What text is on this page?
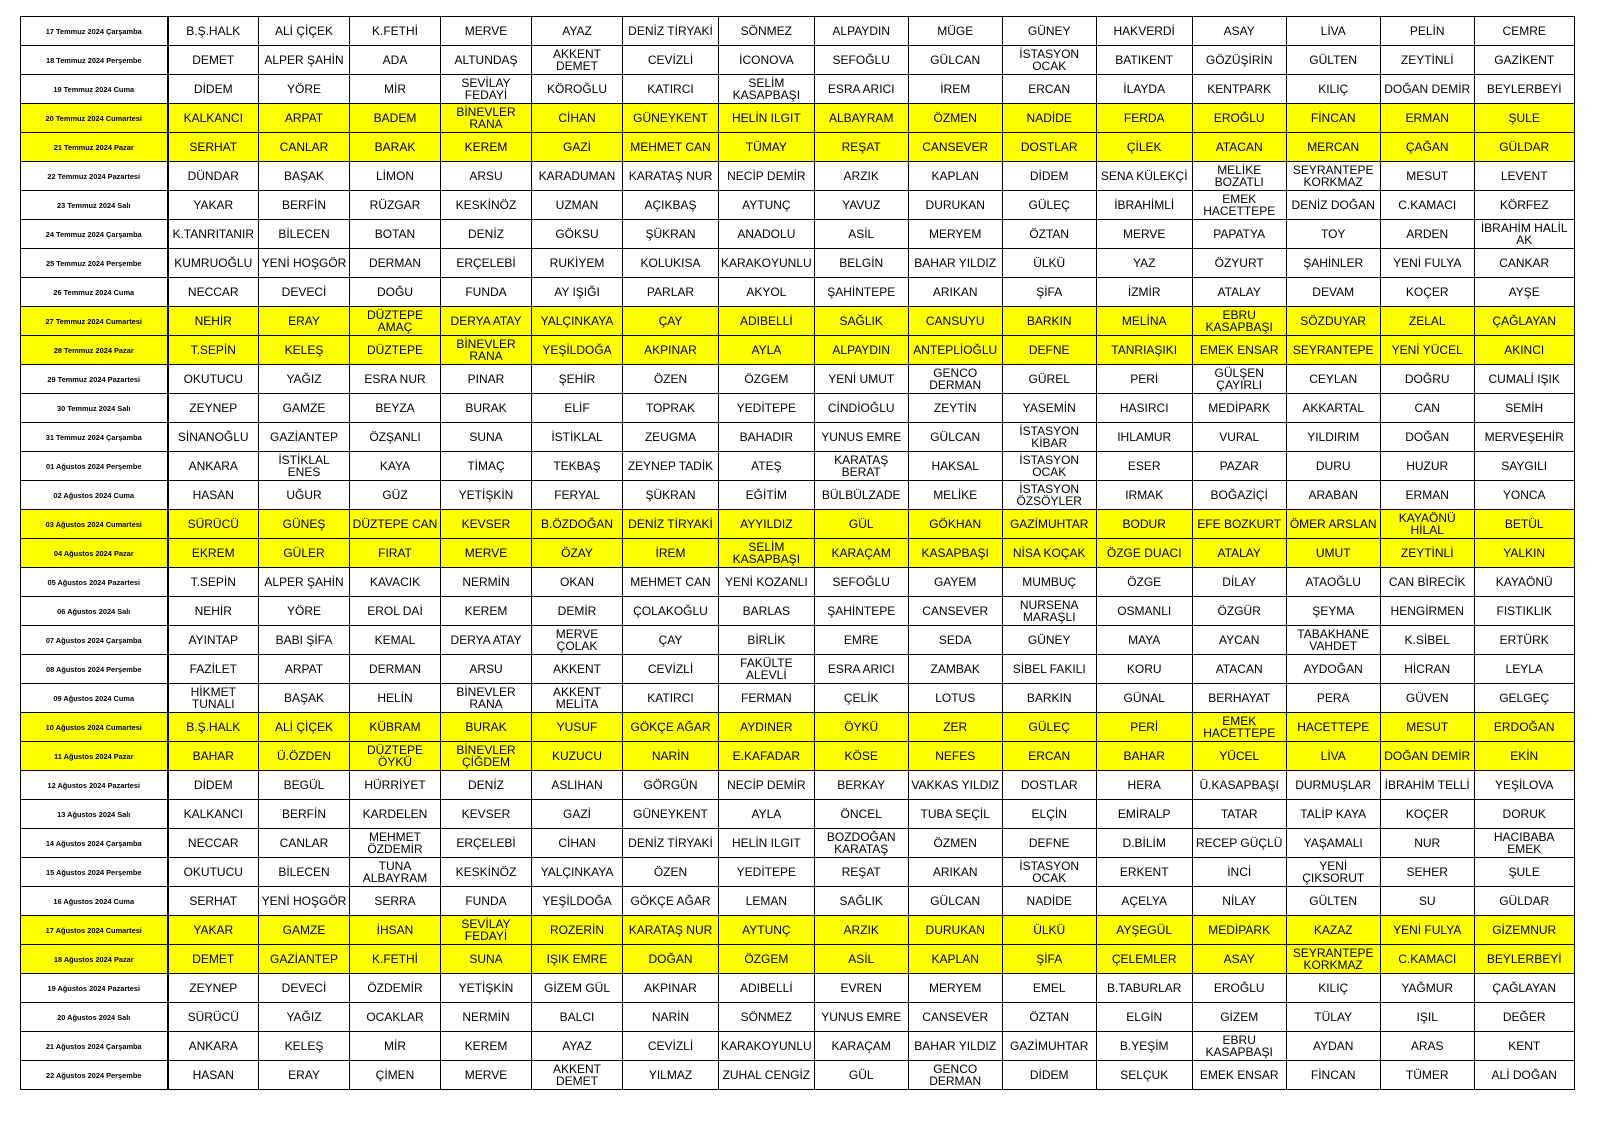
17 Temmuz 2024 Çarşamba	B.Ş.HALK	ALİ ÇİÇEK	K.FETHİ	MERVE	AYAZ	DENİZ TİRYAKİ	SÖNMEZ	ALPAYDIN	MÜGE	GÜNEY	HAKVERDİ	ASAY	LİVA	PELİN	CEMRE
18 Temmuz 2024 Perşembe	DEMET	ALPER ŞAHİN	ADA	ALTUNDAŞ	AKKENT DEMET	CEVİZLİ	İCONOVA	SEFOĞLU	GÜLCAN	İSTASYON OCAK	BATIKENT	GÖZÜŞİRİN	GÜLTEN	ZEYTİNLİ	GAZİKENT
19 Temmuz 2024 Cuma	DİDEM	YÖRE	MİR	SEVİLAY FEDAYİ	KÖROĞLU	KATIRCI	SELİM KASAPBAŞI	ESRA ARICI	İREM	ERCAN	İLAYDA	KENTPARK	KILIÇ	DOĞAN DEMİR	BEYLERBEYİ
20 Temmuz 2024 Cumartesi	KALKANCI	ARPAT	BADEM	BİNEVLER RANA	CİHAN	GÜNEYKENT	HELİN ILGIT	ALBAYRAM	ÖZMEN	NADİDE	FERDA	EROĞLU	FİNCAN	ERMAN	ŞULE
21 Temmuz 2024 Pazar	SERHAT	CANLAR	BARAK	KEREM	GAZİ	MEHMET CAN	TÜMAY	REŞAT	CANSEVER	DOSTLAR	ÇİLEK	ATACAN	MERCAN	ÇAĞAN	GÜLDAR
22 Temmuz 2024 Pazartesi	DÜNDAR	BAŞAK	LİMON	ARSU	KARADUMAN	KARATAŞ NUR	NECİP DEMİR	ARZIK	KAPLAN	DİDEM	SENA KÜLEKÇİ	MELİKE BOZATLI	SEYRANTEPE KORKMAZ	MESUT	LEVENT
23 Temmuz 2024 Salı	YAKAR	BERFİN	RÜZGAR	KESKİNÖZ	UZMAN	AÇIKBAŞ	AYTUNÇ	YAVUZ	DURUKAN	GÜLEÇ	İBRAHİMLİ	EMEK HACETTEPE	DENİZ DOĞAN	C.KAMACI	KÖRFEZ
24 Temmuz 2024 Çarşamba	K.TANRITANIR	BİLECEN	BOTAN	DENİZ	GÖKSU	ŞÜKRAN	ANADOLU	ASİL	MERYEM	ÖZTAN	MERVE	PAPATYA	TOY	ARDEN	İBRAHİM HALİL AK
25 Temmuz 2024 Perşembe	KUMRUOĞLU	YENİ HOŞGÖR	DERMAN	ERÇELEBİ	RUKİYEM	KOLUKISA	KARAKOYUNLU	BELGİN	BAHAR YILDIZ	ÜLKÜ	YAZ	ÖZYURT	ŞAHİNLER	YENİ FULYA	CANKAR
26 Temmuz 2024 Cuma	NECCAR	DEVECİ	DOĞU	FUNDA	AY IŞIĞI	PARLAR	AKYOL	ŞAHİNTEPE	ARIKAN	ŞİFA	İZMİR	ATALAY	DEVAM	KOÇER	AYŞE
27 Temmuz 2024 Cumartesi	NEHİR	ERAY	DÜZTEPE AMAÇ	DERYA ATAY	YALÇINKAYA	ÇAY	ADIBELLİ	SAĞLIK	CANSUYU	BARKIN	MELİNA	EBRU KASAPBAŞI	SÖZDUYAR	ZELAL	ÇAĞLAYAN
28 Temmuz 2024 Pazar	T.SEPİN	KELEŞ	DÜZTEPE	BİNEVLER RANA	YEŞİLDOĞA	AKPINAR	AYLA	ALPAYDIN	ANTEPLİOĞLU	DEFNE	TANRIAŞIKI	EMEK ENSAR	SEYRANTEPE	YENİ YÜCEL	AKINCI
29 Temmuz 2024 Pazartesi	OKUTUCU	YAĞIZ	ESRA NUR	PINAR	ŞEHİR	ÖZEN	ÖZGEM	YENİ UMUT	GENCO DERMAN	GÜREL	PERİ	GÜLŞEN ÇAYIRLI	CEYLAN	DOĞRU	CUMALİ IŞIK
30 Temmuz 2024 Salı	ZEYNEP	GAMZE	BEYZA	BURAK	ELİF	TOPRAK	YEDİTEPE	CİNDİOĞLU	ZEYTİN	YASEMİN	HASIRCI	MEDİPARK	AKKARTAL	CAN	SEMİH
31 Temmuz 2024 Çarşamba	SİNANOĞLU	GAZİANTEP	ÖZŞANLI	SUNA	İSTİKLAL	ZEUGMA	BAHADIR	YUNUS EMRE	GÜLCAN	İSTASYON KİBAR	IHLAMUR	VURAL	YILDIRIM	DOĞAN	MERVEŞEHİR
01 Ağustos 2024 Perşembe	ANKARA	İSTİKLAL ENES	KAYA	TİMAÇ	TEKBAŞ	ZEYNEP TADİK	ATEŞ	KARATAŞ BERAT	HAKSAL	İSTASYON OCAK	ESER	PAZAR	DURU	HUZUR	SAYGILI
02 Ağustos 2024 Cuma	HASAN	UĞUR	GÜZ	YETİŞKİN	FERYAL	ŞÜKRAN	EĞİTİM	BÜLBÜLZADE	MELİKE	İSTASYON ÖZSÖYLER	IRMAK	BOĞAZİÇİ	ARABAN	ERMAN	YONCA
03 Ağustos 2024 Cumartesi	SÜRÜCÜ	GÜNEŞ	DÜZTEPE CAN	KEVSER	B.ÖZDOĞAN	DENİZ TİRYAKİ	AYYILDIZ	GÜL	GÖKHAN	GAZİMUHTAR	BODUR	EFE BOZKURT	ÖMER ARSLAN	KAYAÖNÜ HİLAL	BETÜL
04 Ağustos 2024 Pazar	EKREM	GÜLER	FIRAT	MERVE	ÖZAY	İREM	SELİM KASAPBAŞI	KARAÇAM	KASAPBAŞI	NİSA KOÇAK	ÖZGE DUACI	ATALAY	UMUT	ZEYTİNLİ	YALKIN
05 Ağustos 2024 Pazartesi	T.SEPİN	ALPER ŞAHİN	KAVACIK	NERMİN	OKAN	MEHMET CAN	YENİ KOZANLI	SEFOĞLU	GAYEM	MUMBUÇ	ÖZGE	DİLAY	ATAOĞLU	CAN BİRECİK	KAYAÖNÜ
06 Ağustos 2024 Salı	NEHİR	YÖRE	EROL DAİ	KEREM	DEMİR	ÇOLAKOĞLU	BARLAS	ŞAHİNTEPE	CANSEVER	NURSENA MARAŞLI	OSMANLI	ÖZGÜR	ŞEYMA	HENGİRMEN	FISTIKLIK
07 Ağustos 2024 Çarşamba	AYINTAP	BABI ŞİFA	KEMAL	DERYA ATAY	MERVE ÇOLAK	ÇAY	BİRLİK	EMRE	SEDA	GÜNEY	MAYA	AYCAN	TABAKHANE VAHDET	K.SİBEL	ERTÜRK
08 Ağustos 2024 Perşembe	FAZİLET	ARPAT	DERMAN	ARSU	AKKENT	CEVİZLİ	FAKÜLTE ALEVLİ	ESRA ARICI	ZAMBAK	SİBEL FAKILI	KORU	ATACAN	AYDOĞAN	HİCRAN	LEYLA
09 Ağustos 2024 Cuma	HİKMET TUNALI	BAŞAK	HELİN	BİNEVLER RANA	AKKENT MELİTA	KATIRCI	FERMAN	ÇELİK	LOTUS	BARKIN	GÜNAL	BERHAYAT	PERA	GÜVEN	GELGEÇ
10 Ağustos 2024 Cumartesi	B.Ş.HALK	ALİ ÇİÇEK	KÜBRAM	BURAK	YUSUF	GÖKÇE AĞAR	AYDINER	ÖYKÜ	ZER	GÜLEÇ	PERİ	EMEK HACETTEPE	HACETTEPE	MESUT	ERDOĞAN
11 Ağustos 2024 Pazar	BAHAR	Ü.ÖZDEN	DÜZTEPE ÖYKÜ	BİNEVLER ÇİĞDEM	KUZUCU	NARİN	E.KAFADAR	KÖSE	NEFES	ERCAN	BAHAR	YÜCEL	LİVA	DOĞAN DEMİR	EKİN
12 Ağustos 2024 Pazartesi	DİDEM	BEGÜL	HÜRRİYET	DENİZ	ASLIHAN	GÖRGÜN	NECİP DEMİR	BERKAY	VAKKAS YILDIZ	DOSTLAR	HERA	Ü.KASAPBAŞI	DURMUŞLAR	İBRAHİM TELLİ	YEŞİLOVA
13 Ağustos 2024 Salı	KALKANCI	BERFİN	KARDELEN	KEVSER	GAZİ	GÜNEYKENT	AYLA	ÖNCEL	TUBA SEÇİL	ELÇİN	EMİRALP	TATAR	TALİP KAYA	KOÇER	DORUK
14 Ağustos 2024 Çarşamba	NECCAR	CANLAR	MEHMET ÖZDEMİR	ERÇELEBİ	CİHAN	DENİZ TİRYAKİ	HELİN ILGIT	BOZDOĞAN KARATAŞ	ÖZMEN	DEFNE	D.BİLİM	RECEP GÜÇLÜ	YAŞAMALI	NUR	HACIBABA EMEK
15 Ağustos 2024 Perşembe	OKUTUCU	BİLECEN	TUNA ALBAYRAM	KESKİNÖZ	YALÇINKAYA	ÖZEN	YEDİTEPE	REŞAT	ARIKAN	İSTASYON OCAK	ERKENT	İNCİ	YENİ ÇIKSORUT	SEHER	ŞULE
16 Ağustos 2024 Cuma	SERHAT	YENİ HOŞGÖR	SERRA	FUNDA	YEŞİLDOĞA	GÖKÇE AĞAR	LEMAN	SAĞLIK	GÜLCAN	NADİDE	AÇELYA	NİLAY	GÜLTEN	SU	GÜLDAR
17 Ağustos 2024 Cumartesi	YAKAR	GAMZE	İHSAN	SEVİLAY FEDAYİ	ROZERİN	KARATAŞ NUR	AYTUNÇ	ARZIK	DURUKAN	ÜLKÜ	AYŞEGÜL	MEDİPARK	KAZAZ	YENİ FULYA	GİZEMNUR
18 Ağustos 2024 Pazar	DEMET	GAZİANTEP	K.FETHİ	SUNA	IŞIK EMRE	DOĞAN	ÖZGEM	ASİL	KAPLAN	ŞİFA	ÇELEMLER	ASAY	SEYRANTEPE KORKMAZ	C.KAMACI	BEYLERBEYİ
19 Ağustos 2024 Pazartesi	ZEYNEP	DEVECİ	ÖZDEMİR	YETİŞKİN	GİZEM GÜL	AKPINAR	ADIBELLİ	EVREN	MERYEM	EMEL	B.TABURLAR	EROĞLU	KILIÇ	YAĞMUR	ÇAĞLAYAN
20 Ağustos 2024 Salı	SÜRÜCÜ	YAĞIZ	OCAKLAR	NERMİN	BALCI	NARİN	SÖNMEZ	YUNUS EMRE	CANSEVER	ÖZTAN	ELGİN	GİZEM	TÜLAY	IŞIL	DEĞER
21 Ağustos 2024 Çarşamba	ANKARA	KELEŞ	MİR	KEREM	AYAZ	CEVİZLİ	KARAKOYUNLU	KARAÇAM	BAHAR YILDIZ	GAZİMUHTAR	B.YEŞİM	EBRU KASAPBAŞI	AYDAN	ARAS	KENT
22 Ağustos 2024 Perşembe	HASAN	ERAY	ÇİMEN	MERVE	AKKENT DEMET	YILMAZ	ZUHAL CENGİZ	GÜL	GENCO DERMAN	DİDEM	SELÇUK	EMEK ENSAR	FİNCAN	TÜMER	ALİ DOĞAN
